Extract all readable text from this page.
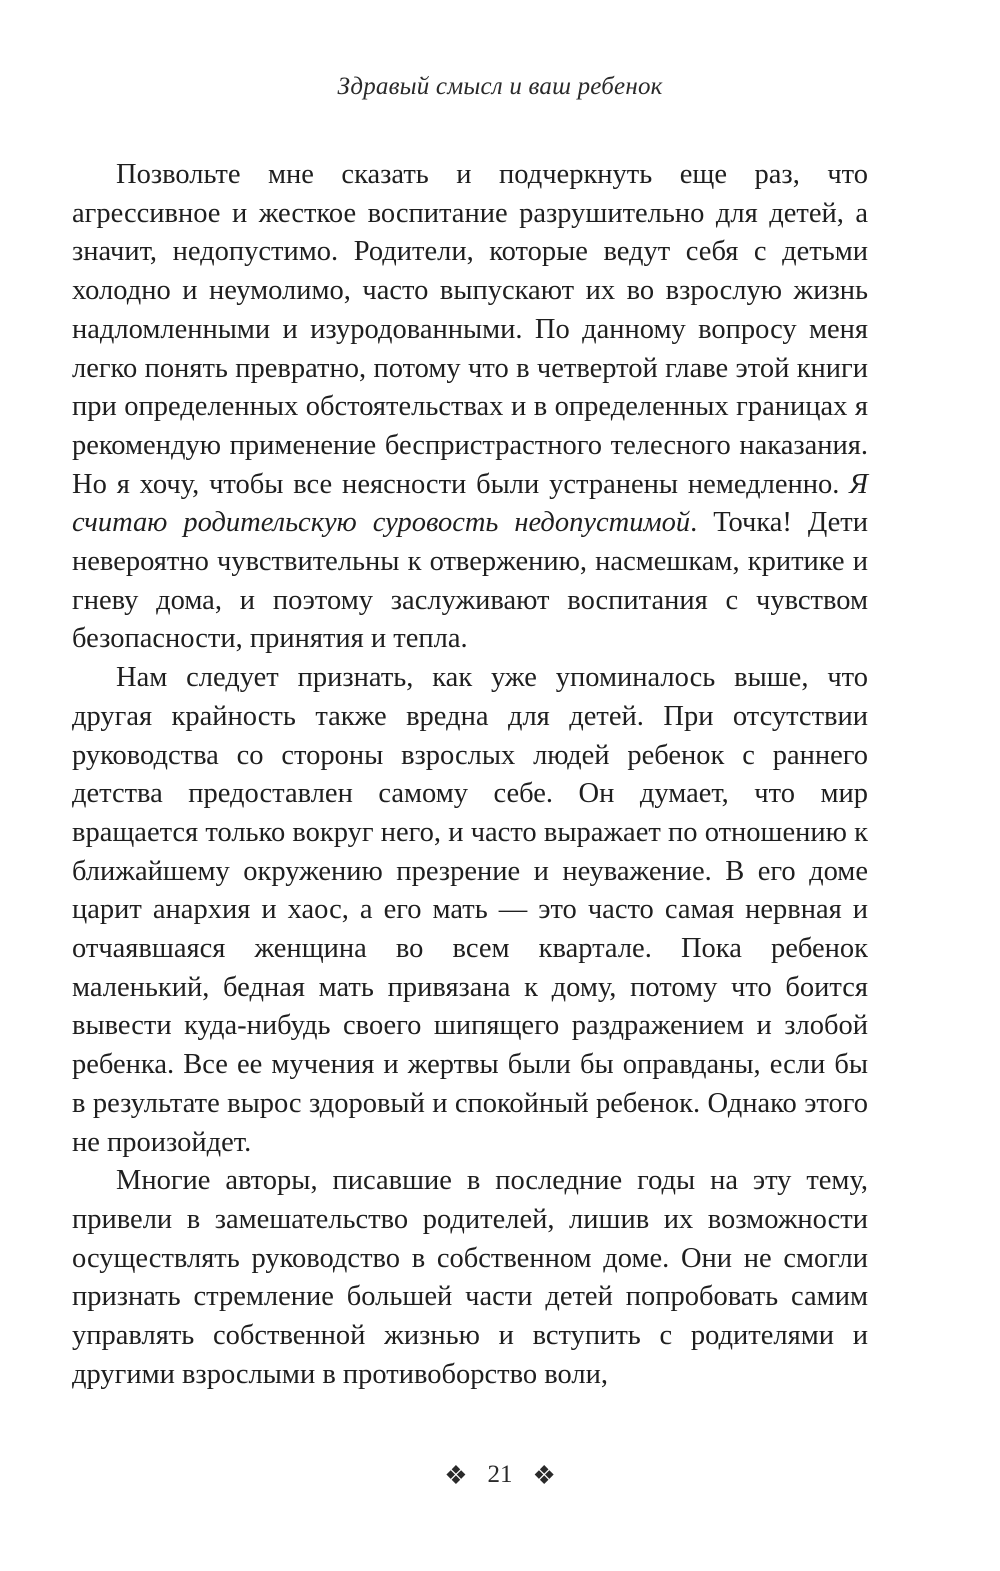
Здравый смысл и ваш ребенок

Позвольте мне сказать и подчеркнуть еще раз, что агрессивное и жесткое воспитание разрушительно для детей, а значит, недопустимо. Родители, которые ведут себя с детьми холодно и неумолимо, часто выпускают их во взрослую жизнь надломленными и изуродованными. По данному вопросу меня легко понять превратно, потому что в четвертой главе этой книги при определенных обстоятельствах и в определенных границах я рекомендую применение беспристрастного телесного наказания. Но я хочу, чтобы все неясности были устранены немедленно. Я считаю родительскую суровость недопустимой. Точка! Дети невероятно чувствительны к отвержению, насмешкам, критике и гневу дома, и поэтому заслуживают воспитания с чувством безопасности, принятия и тепла.

Нам следует признать, как уже упоминалось выше, что другая крайность также вредна для детей. При отсутствии руководства со стороны взрослых людей ребенок с раннего детства предоставлен самому себе. Он думает, что мир вращается только вокруг него, и часто выражает по отношению к ближайшему окружению презрение и неуважение. В его доме царит анархия и хаос, а его мать — это часто самая нервная и отчаявшаяся женщина во всем квартале. Пока ребенок маленький, бедная мать привязана к дому, потому что боится вывести куда-нибудь своего шипящего раздражением и злобой ребенка. Все ее мучения и жертвы были бы оправданы, если бы в результате вырос здоровый и спокойный ребенок. Однако этого не произойдет.

Многие авторы, писавшие в последние годы на эту тему, привели в замешательство родителей, лишив их возможности осуществлять руководство в собственном доме. Они не смогли признать стремление большей части детей попробовать самим управлять собственной жизнью и вступить с родителями и другими взрослыми в противоборство воли,

❖ 21 ❖
